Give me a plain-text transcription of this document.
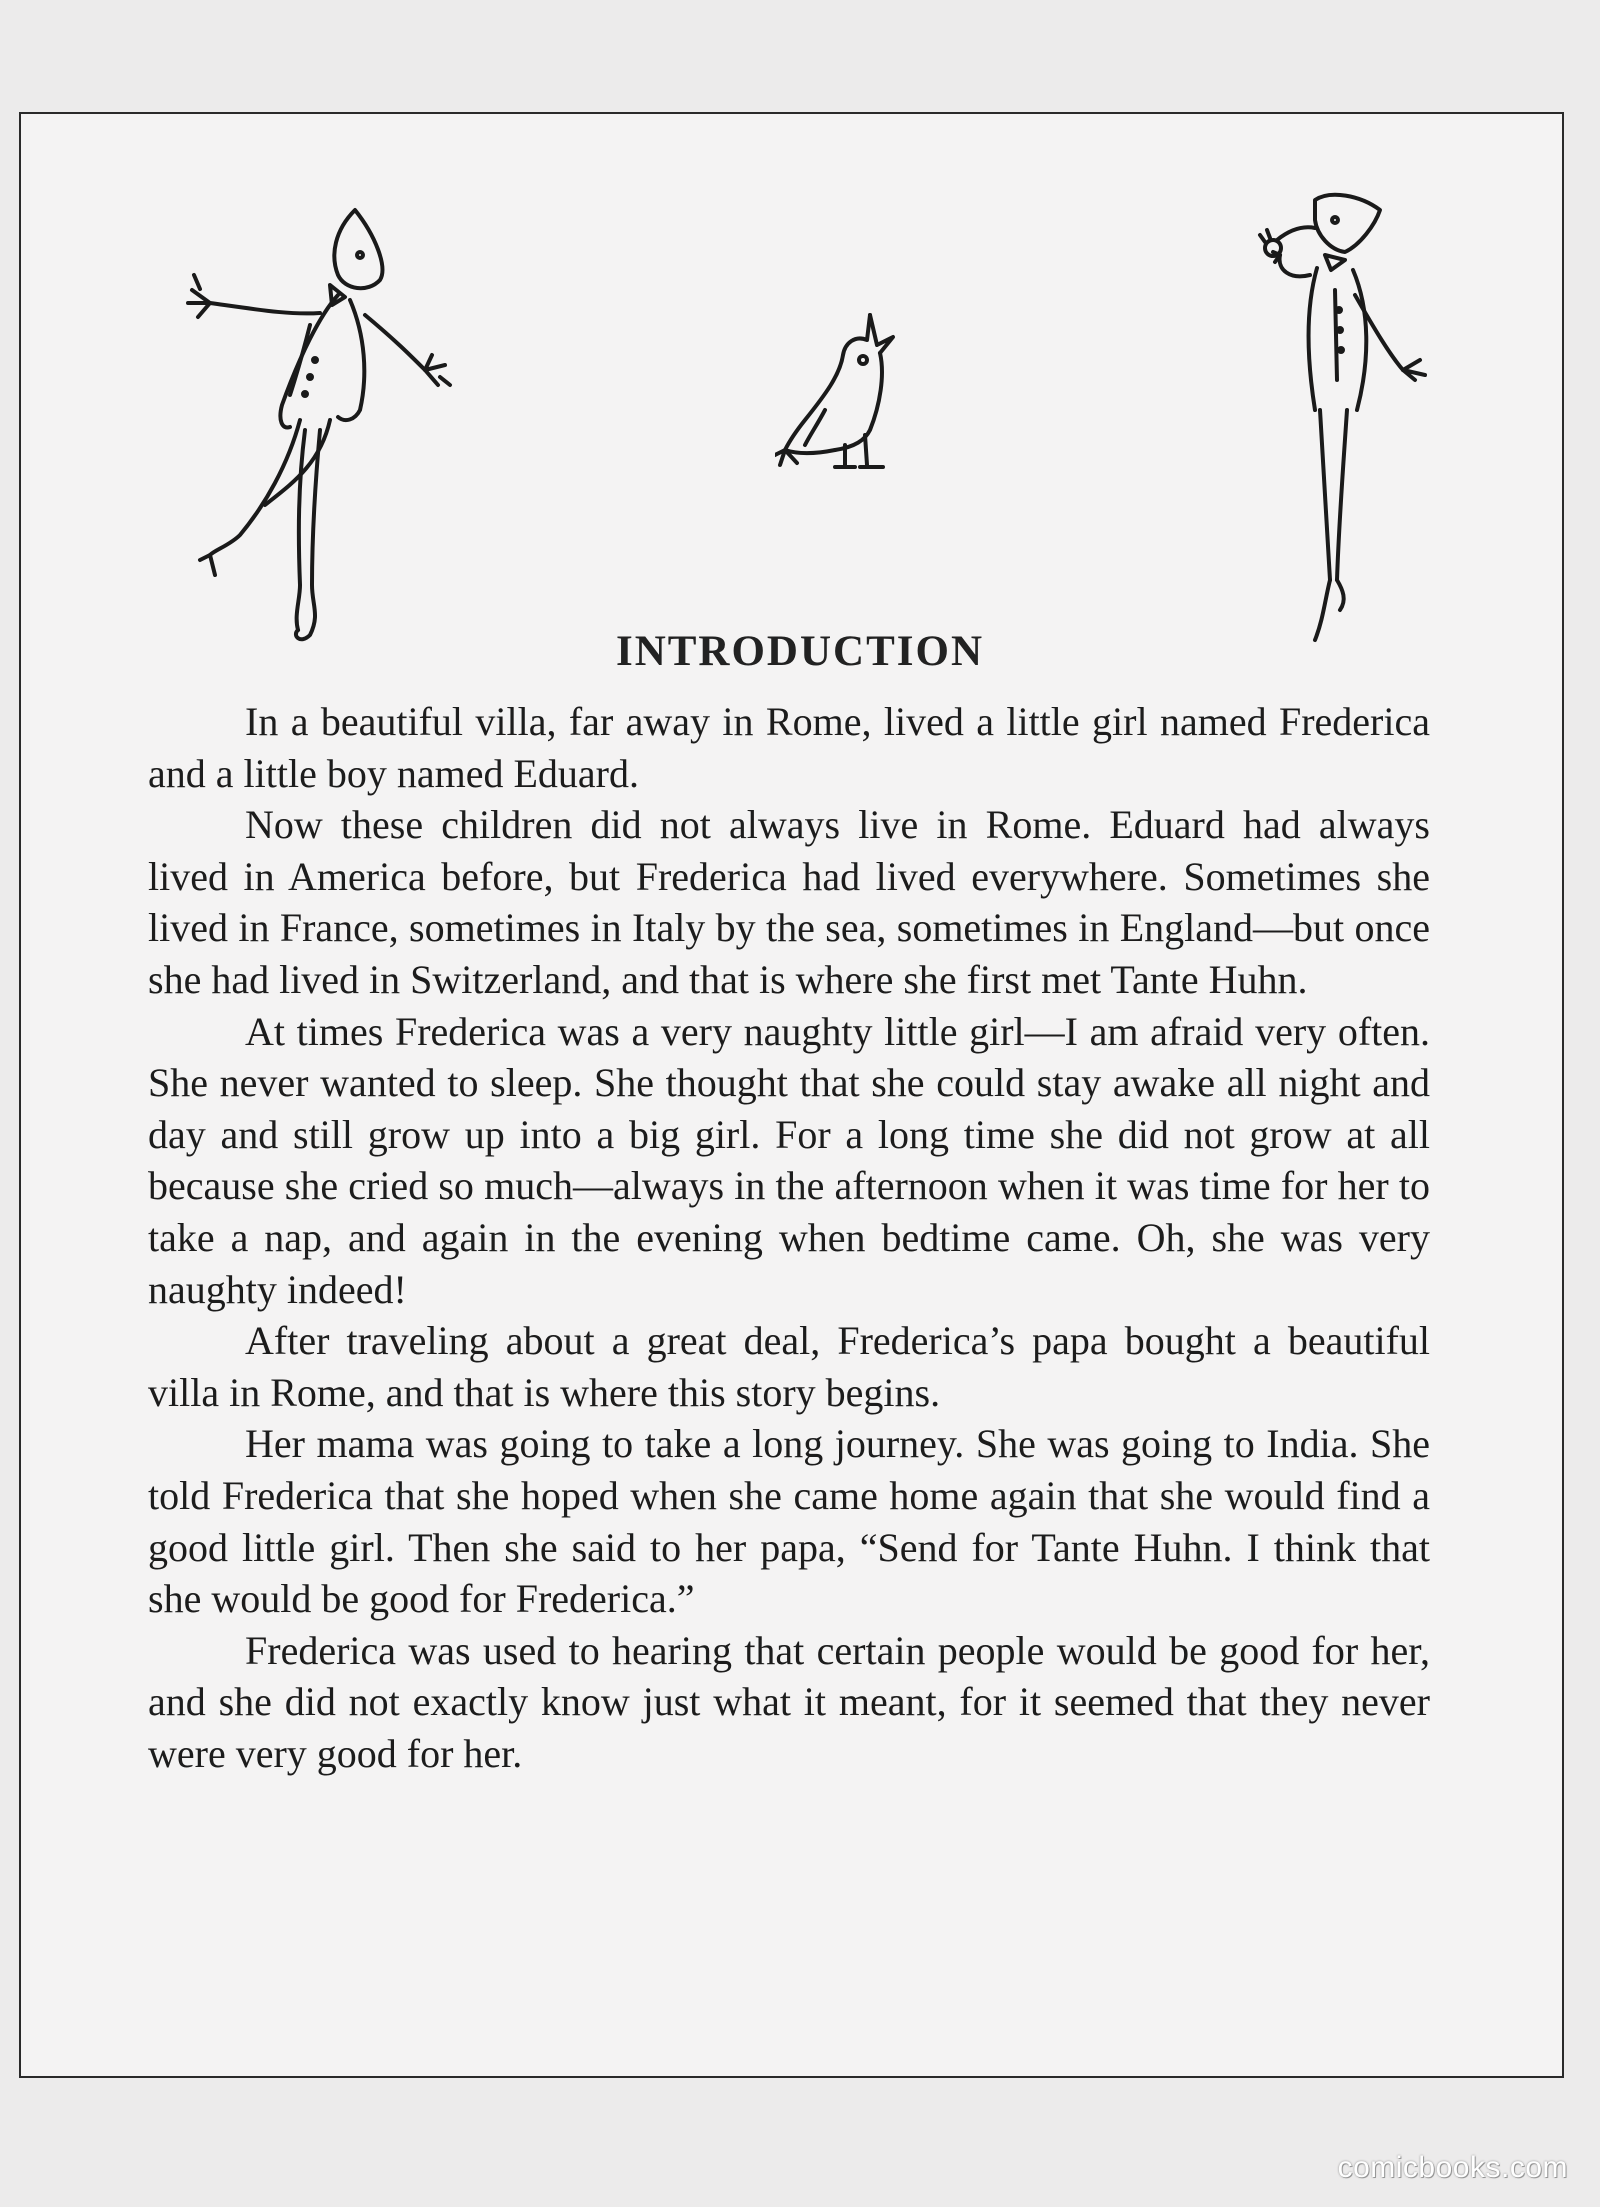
INTRODUCTION

In a beautiful villa, far away in Rome, lived a little girl named Frederica and a little boy named Eduard.

Now these children did not always live in Rome. Eduard had always lived in America before, but Frederica had lived everywhere. Sometimes she lived in France, sometimes in Italy by the sea, sometimes in England—but once she had lived in Switzerland, and that is where she first met Tante Huhn.

At times Frederica was a very naughty little girl—I am afraid very often. She never wanted to sleep. She thought that she could stay awake all night and day and still grow up into a big girl. For a long time she did not grow at all because she cried so much—always in the afternoon when it was time for her to take a nap, and again in the evening when bedtime came. Oh, she was very naughty indeed!

After traveling about a great deal, Frederica’s papa bought a beautiful villa in Rome, and that is where this story begins.

Her mama was going to take a long journey. She was going to India. She told Frederica that she hoped when she came home again that she would find a good little girl. Then she said to her papa, “Send for Tante Huhn. I think that she would be good for Frederica.”

Frederica was used to hearing that certain people would be good for her, and she did not exactly know just what it meant, for it seemed that they never were very good for her.

comicbooks.com
